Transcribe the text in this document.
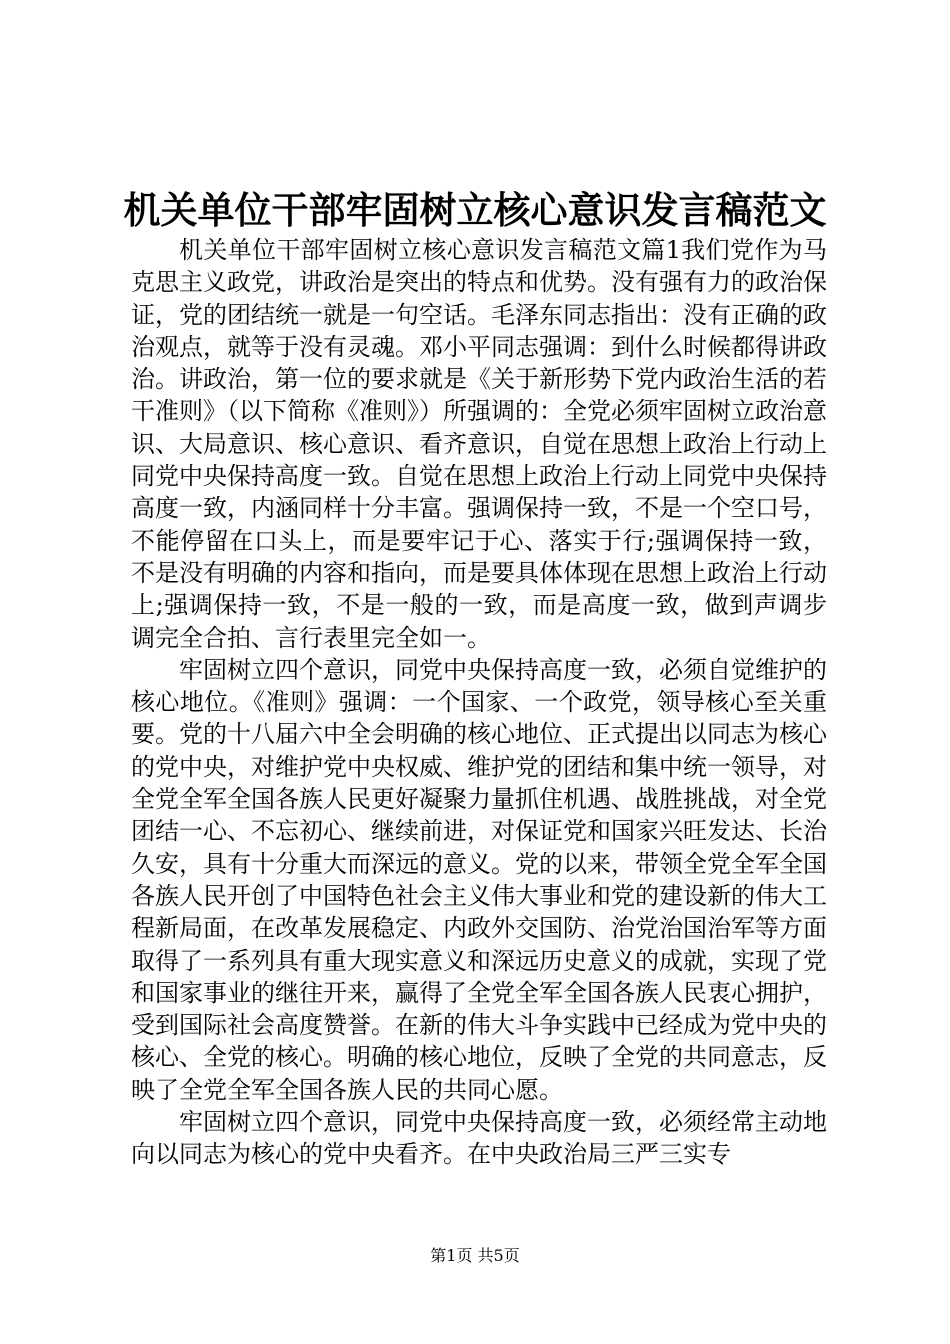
机关单位干部牢固树立核心意识发言稿范文

机关单位干部牢固树立核心意识发言稿范文篇1我们党作为马克思主义政党，讲政治是突出的特点和优势。没有强有力的政治保证，党的团结统一就是一句空话。毛泽东同志指出：没有正确的政治观点，就等于没有灵魂。邓小平同志强调：到什么时候都得讲政治。讲政治，第一位的要求就是《关于新形势下党内政治生活的若干准则》（以下简称《准则》）所强调的：全党必须牢固树立政治意识、大局意识、核心意识、看齐意识，自觉在思想上政治上行动上同党中央保持高度一致。自觉在思想上政治上行动上同党中央保持高度一致，内涵同样十分丰富。强调保持一致，不是一个空口号，不能停留在口头上，而是要牢记于心、落实于行;强调保持一致，不是没有明确的内容和指向，而是要具体体现在思想上政治上行动上;强调保持一致，不是一般的一致，而是高度一致，做到声调步调完全合拍、言行表里完全如一。

牢固树立四个意识，同党中央保持高度一致，必须自觉维护的核心地位。《准则》强调：一个国家、一个政党，领导核心至关重要。党的十八届六中全会明确的核心地位、正式提出以同志为核心的党中央，对维护党中央权威、维护党的团结和集中统一领导，对全党全军全国各族人民更好凝聚力量抓住机遇、战胜挑战，对全党团结一心、不忘初心、继续前进，对保证党和国家兴旺发达、长治久安，具有十分重大而深远的意义。党的以来，带领全党全军全国各族人民开创了中国特色社会主义伟大事业和党的建设新的伟大工程新局面，在改革发展稳定、内政外交国防、治党治国治军等方面取得了一系列具有重大现实意义和深远历史意义的成就，实现了党和国家事业的继往开来，赢得了全党全军全国各族人民衷心拥护，受到国际社会高度赞誉。在新的伟大斗争实践中已经成为党中央的核心、全党的核心。明确的核心地位，反映了全党的共同意志，反映了全党全军全国各族人民的共同心愿。

牢固树立四个意识，同党中央保持高度一致，必须经常主动地向以同志为核心的党中央看齐。在中央政治局三严三实专

第1页 共5页
